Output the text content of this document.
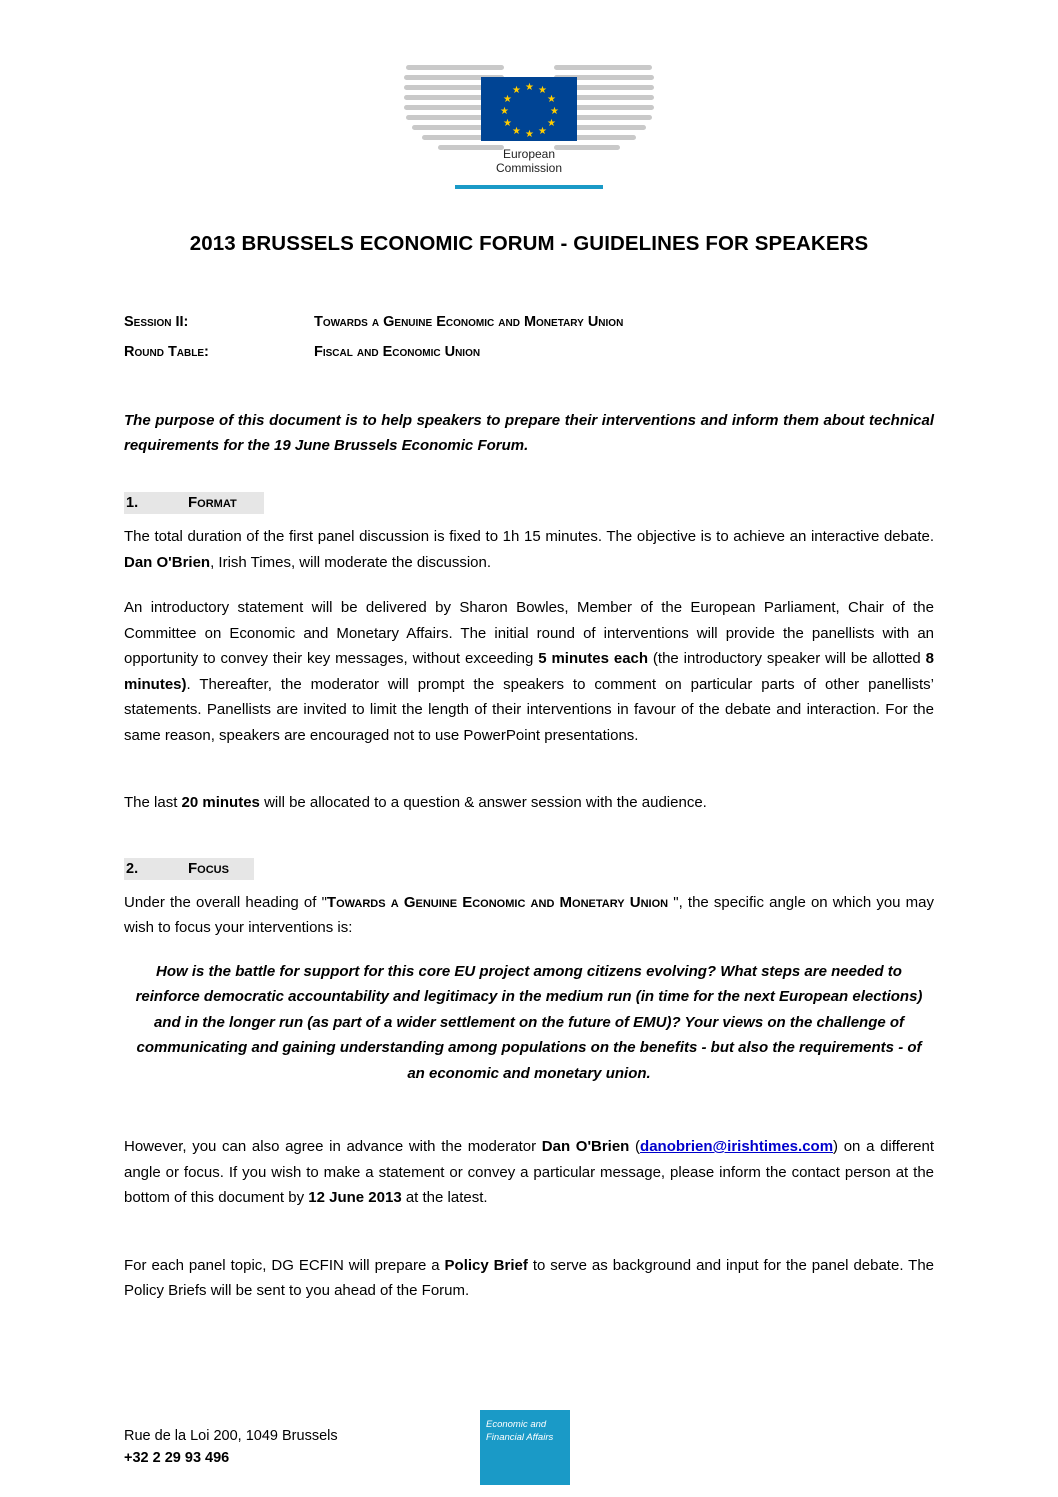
★ ★
★
★
★
★
★
★
★
★
★
★
European
Commission
2013 BRUSSELS ECONOMIC FORUM - GUIDELINES FOR SPEAKERS
Session II:	Towards a Genuine Economic and Monetary Union
Round Table:	Fiscal and Economic Union

The purpose of this document is to help speakers to prepare their interventions and inform them about technical requirements for the 19 June Brussels Economic Forum.

1.	Format

The total duration of the first panel discussion is fixed to 1h 15 minutes. The objective is to achieve an interactive debate. Dan O'Brien, Irish Times, will moderate the discussion.

An introductory statement will be delivered by Sharon Bowles, Member of the European Parliament, Chair of the Committee on Economic and Monetary Affairs. The initial round of interventions will provide the panellists with an opportunity to convey their key messages, without exceeding 5 minutes each (the introductory speaker will be allotted 8 minutes). Thereafter, the moderator will prompt the speakers to comment on particular parts of other panellists’ statements. Panellists are invited to limit the length of their interventions in favour of the debate and interaction. For the same reason, speakers are encouraged not to use PowerPoint presentations.

The last 20 minutes will be allocated to a question & answer session with the audience.

2.	Focus

Under the overall heading of "Towards a Genuine Economic and Monetary Union ", the specific angle on which you may wish to focus your interventions is:

How is the battle for support for this core EU project among citizens evolving? What steps are needed to reinforce democratic accountability and legitimacy in the medium run (in time for the next European elections) and in the longer run (as part of a wider settlement on the future of EMU)? Your views on the challenge of communicating and gaining understanding among populations on the benefits - but also the requirements - of an economic and monetary union.

However, you can also agree in advance with the moderator Dan O'Brien (danobrien@irishtimes.com) on a different angle or focus. If you wish to make a statement or convey a particular message, please inform the contact person at the bottom of this document by 12 June 2013 at the latest.

For each panel topic, DG ECFIN will prepare a Policy Brief to serve as background and input for the panel debate. The Policy Briefs will be sent to you ahead of the Forum.

Rue de la Loi 200, 1049 Brussels
+32 2 29 93 496
Economic and
Financial Affairs
